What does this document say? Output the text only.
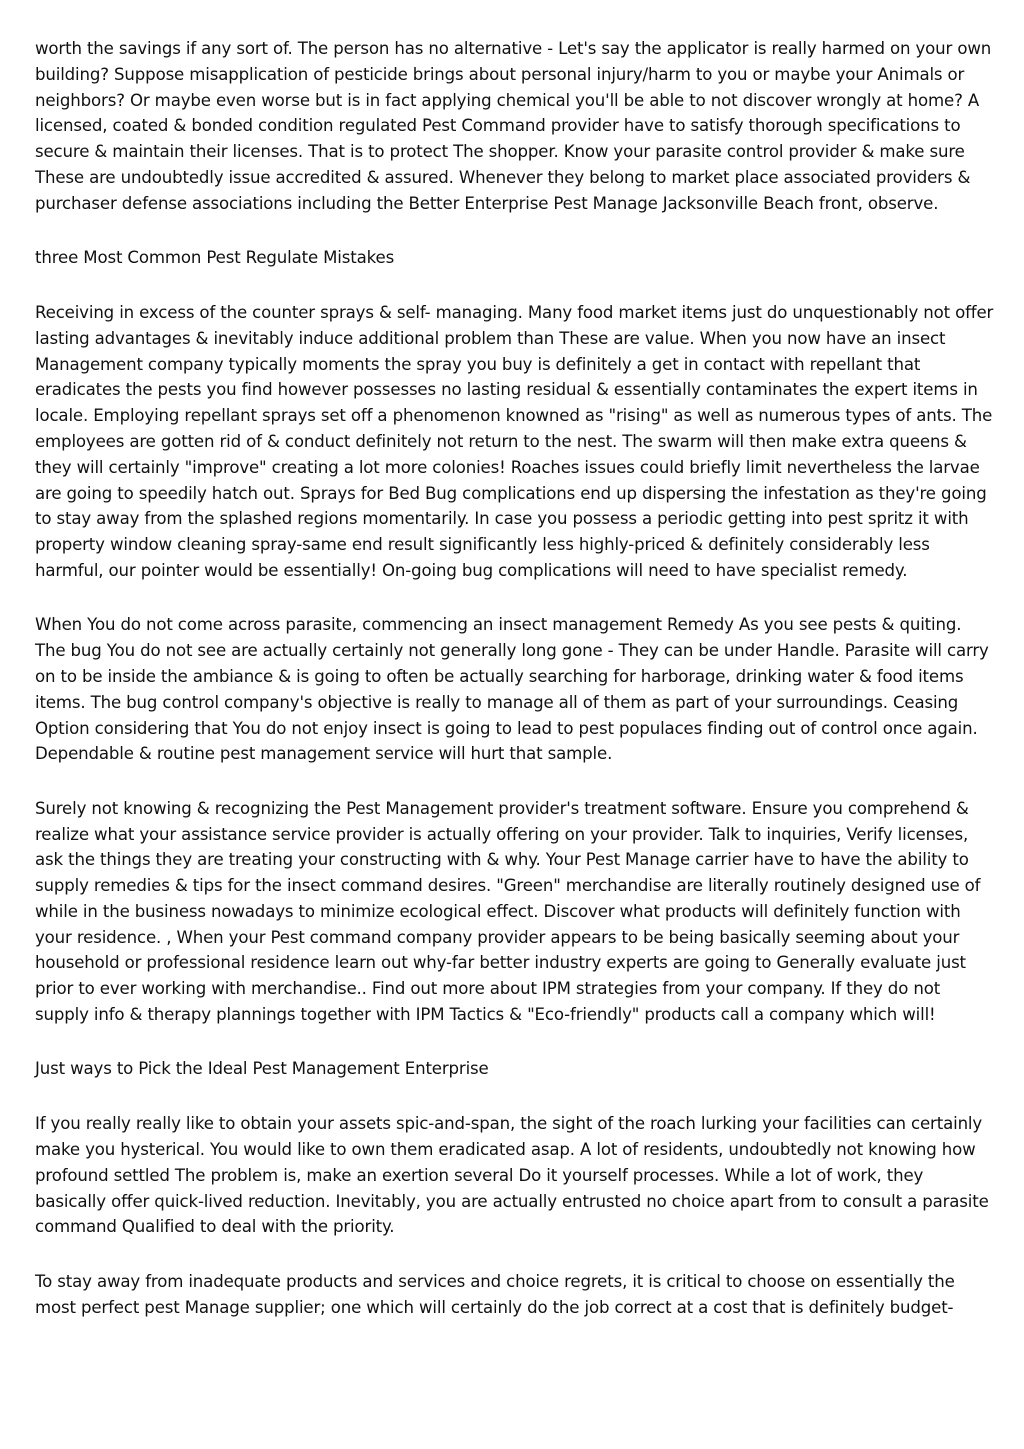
worth the savings if any sort of. The person has no alternative - Let's say the applicator is really harmed on your own building? Suppose misapplication of pesticide brings about personal injury/harm to you or maybe your Animals or neighbors? Or maybe even worse but is in fact applying chemical you'll be able to not discover wrongly at home? A licensed, coated & bonded condition regulated Pest Command provider have to satisfy thorough specifications to secure & maintain their licenses. That is to protect The shopper. Know your parasite control provider & make sure These are undoubtedly issue accredited & assured. Whenever they belong to market place associated providers & purchaser defense associations including the Better Enterprise Pest Manage Jacksonville Beach front, observe.

three Most Common Pest Regulate Mistakes

Receiving in excess of the counter sprays & self- managing. Many food market items just do unquestionably not offer lasting advantages & inevitably induce additional problem than These are value. When you now have an insect Management company typically moments the spray you buy is definitely a get in contact with repellant that eradicates the pests you find however possesses no lasting residual & essentially contaminates the expert items in locale. Employing repellant sprays set off a phenomenon knowned as "rising" as well as numerous types of ants. The employees are gotten rid of & conduct definitely not return to the nest. The swarm will then make extra queens & they will certainly "improve" creating a lot more colonies! Roaches issues could briefly limit nevertheless the larvae are going to speedily hatch out. Sprays for Bed Bug complications end up dispersing the infestation as they're going to stay away from the splashed regions momentarily. In case you possess a periodic getting into pest spritz it with property window cleaning spray-same end result significantly less highly-priced & definitely considerably less harmful, our pointer would be essentially! On-going bug complications will need to have specialist remedy.

When You do not come across parasite, commencing an insect management Remedy As you see pests & quiting. The bug You do not see are actually certainly not generally long gone - They can be under Handle. Parasite will carry on to be inside the ambiance & is going to often be actually searching for harborage, drinking water & food items items. The bug control company's objective is really to manage all of them as part of your surroundings. Ceasing Option considering that You do not enjoy insect is going to lead to pest populaces finding out of control once again. Dependable & routine pest management service will hurt that sample.

Surely not knowing & recognizing the Pest Management provider's treatment software. Ensure you comprehend & realize what your assistance service provider is actually offering on your provider. Talk to inquiries, Verify licenses, ask the things they are treating your constructing with & why. Your Pest Manage carrier have to have the ability to supply remedies & tips for the insect command desires. "Green" merchandise are literally routinely designed use of while in the business nowadays to minimize ecological effect. Discover what products will definitely function with your residence. , When your Pest command company provider appears to be being basically seeming about your household or professional residence learn out why-far better industry experts are going to Generally evaluate just prior to ever working with merchandise.. Find out more about IPM strategies from your company. If they do not supply info & therapy plannings together with IPM Tactics & "Eco-friendly" products call a company which will!

Just ways to Pick the Ideal Pest Management Enterprise

If you really really like to obtain your assets spic-and-span, the sight of the roach lurking your facilities can certainly make you hysterical. You would like to own them eradicated asap. A lot of residents, undoubtedly not knowing how profound settled The problem is, make an exertion several Do it yourself processes. While a lot of work, they basically offer quick-lived reduction. Inevitably, you are actually entrusted no choice apart from to consult a parasite command Qualified to deal with the priority.

To stay away from inadequate products and services and choice regrets, it is critical to choose on essentially the most perfect pest Manage supplier; one which will certainly do the job correct at a cost that is definitely budget-
